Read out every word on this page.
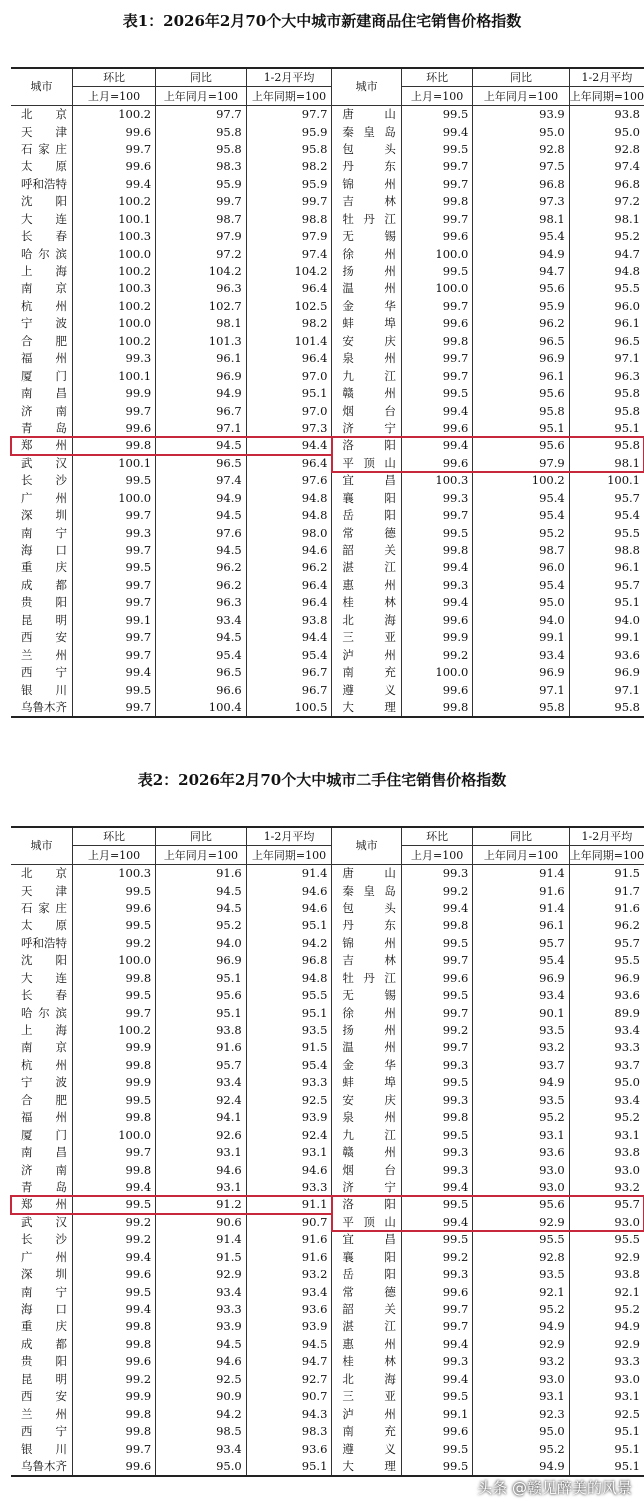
表1：2026年2月70个大中城市新建商品住宅销售价格指数
城市	环比	同比	1-2月平均	城市	环比	同比	1-2月平均
	上月=100	上年同月=100	上年同期=100		上月=100	上年同月=100	上年同期=100
北京	100.2	97.7	97.7	唐山	99.5	93.9	93.8
天津	99.6	95.8	95.9	秦皇岛	99.4	95.0	95.0
石家庄	99.7	95.8	95.8	包头	99.5	92.8	92.8
太原	99.6	98.3	98.2	丹东	99.7	97.5	97.4
呼和浩特	99.4	95.9	95.9	锦州	99.7	96.8	96.8
沈阳	100.2	99.7	99.7	吉林	99.8	97.3	97.2
大连	100.1	98.7	98.8	牡丹江	99.7	98.1	98.1
长春	100.3	97.9	97.9	无锡	99.6	95.4	95.2
哈尔滨	100.0	97.2	97.4	徐州	100.0	94.9	94.7
上海	100.2	104.2	104.2	扬州	99.5	94.7	94.8
南京	100.3	96.3	96.4	温州	100.0	95.6	95.5
杭州	100.2	102.7	102.5	金华	99.7	95.9	96.0
宁波	100.0	98.1	98.2	蚌埠	99.6	96.2	96.1
合肥	100.2	101.3	101.4	安庆	99.8	96.5	96.5
福州	99.3	96.1	96.4	泉州	99.7	96.9	97.1
厦门	100.1	96.9	97.0	九江	99.7	96.1	96.3
南昌	99.9	94.9	95.1	赣州	99.5	95.6	95.8
济南	99.7	96.7	97.0	烟台	99.4	95.8	95.8
青岛	99.6	97.1	97.3	济宁	99.6	95.1	95.1
郑州	99.8	94.5	94.4	洛阳	99.4	95.6	95.8
武汉	100.1	96.5	96.4	平顶山	99.6	97.9	98.1
长沙	99.5	97.4	97.6	宜昌	100.3	100.2	100.1
广州	100.0	94.9	94.8	襄阳	99.3	95.4	95.7
深圳	99.7	94.5	94.8	岳阳	99.7	95.4	95.4
南宁	99.3	97.6	98.0	常德	99.5	95.2	95.5
海口	99.7	94.5	94.6	韶关	99.8	98.7	98.8
重庆	99.5	96.2	96.2	湛江	99.4	96.0	96.1
成都	99.7	96.2	96.4	惠州	99.3	95.4	95.7
贵阳	99.7	96.3	96.4	桂林	99.4	95.0	95.1
昆明	99.1	93.4	93.8	北海	99.6	94.0	94.0
西安	99.7	94.5	94.4	三亚	99.9	99.1	99.1
兰州	99.7	95.4	95.4	泸州	99.2	93.4	93.6
西宁	99.4	96.5	96.7	南充	100.0	96.9	96.9
银川	99.5	96.6	96.7	遵义	99.6	97.1	97.1
乌鲁木齐	99.7	100.4	100.5	大理	99.8	95.8	95.8
表2：2026年2月70个大中城市二手住宅销售价格指数
城市	环比	同比	1-2月平均	城市	环比	同比	1-2月平均
	上月=100	上年同月=100	上年同期=100		上月=100	上年同月=100	上年同期=100
北京	100.3	91.6	91.4	唐山	99.3	91.4	91.5
天津	99.5	94.5	94.6	秦皇岛	99.2	91.6	91.7
石家庄	99.6	94.5	94.6	包头	99.4	91.4	91.6
太原	99.5	95.2	95.1	丹东	99.8	96.1	96.2
呼和浩特	99.2	94.0	94.2	锦州	99.5	95.7	95.7
沈阳	100.0	96.9	96.8	吉林	99.7	95.4	95.5
大连	99.8	95.1	94.8	牡丹江	99.6	96.9	96.9
长春	99.5	95.6	95.5	无锡	99.5	93.4	93.6
哈尔滨	99.7	95.1	95.1	徐州	99.7	90.1	89.9
上海	100.2	93.8	93.5	扬州	99.2	93.5	93.4
南京	99.9	91.6	91.5	温州	99.7	93.2	93.3
杭州	99.8	95.7	95.4	金华	99.3	93.7	93.7
宁波	99.9	93.4	93.3	蚌埠	99.5	94.9	95.0
合肥	99.5	92.4	92.5	安庆	99.3	93.5	93.4
福州	99.8	94.1	93.9	泉州	99.8	95.2	95.2
厦门	100.0	92.6	92.4	九江	99.5	93.1	93.1
南昌	99.7	93.1	93.1	赣州	99.3	93.6	93.8
济南	99.8	94.6	94.6	烟台	99.3	93.0	93.0
青岛	99.4	93.1	93.3	济宁	99.4	93.0	93.2
郑州	99.5	91.2	91.1	洛阳	99.5	95.6	95.7
武汉	99.2	90.6	90.7	平顶山	99.4	92.9	93.0
长沙	99.2	91.4	91.6	宜昌	99.5	95.5	95.5
广州	99.4	91.5	91.6	襄阳	99.2	92.8	92.9
深圳	99.6	92.9	93.2	岳阳	99.3	93.5	93.8
南宁	99.5	93.4	93.4	常德	99.6	92.1	92.1
海口	99.4	93.3	93.6	韶关	99.7	95.2	95.2
重庆	99.8	93.9	93.9	湛江	99.7	94.9	94.9
成都	99.8	94.5	94.5	惠州	99.4	92.9	92.9
贵阳	99.6	94.6	94.7	桂林	99.3	93.2	93.3
昆明	99.2	92.5	92.7	北海	99.4	93.0	93.0
西安	99.9	90.9	90.7	三亚	99.5	93.1	93.1
兰州	99.8	94.2	94.3	泸州	99.1	92.3	92.5
西宁	99.8	98.5	98.3	南充	99.6	95.0	95.1
银川	99.7	93.4	93.6	遵义	99.5	95.2	95.1
乌鲁木齐	99.6	95.0	95.1	大理	99.5	94.9	95.1
头条 @赣见醉美的风景
